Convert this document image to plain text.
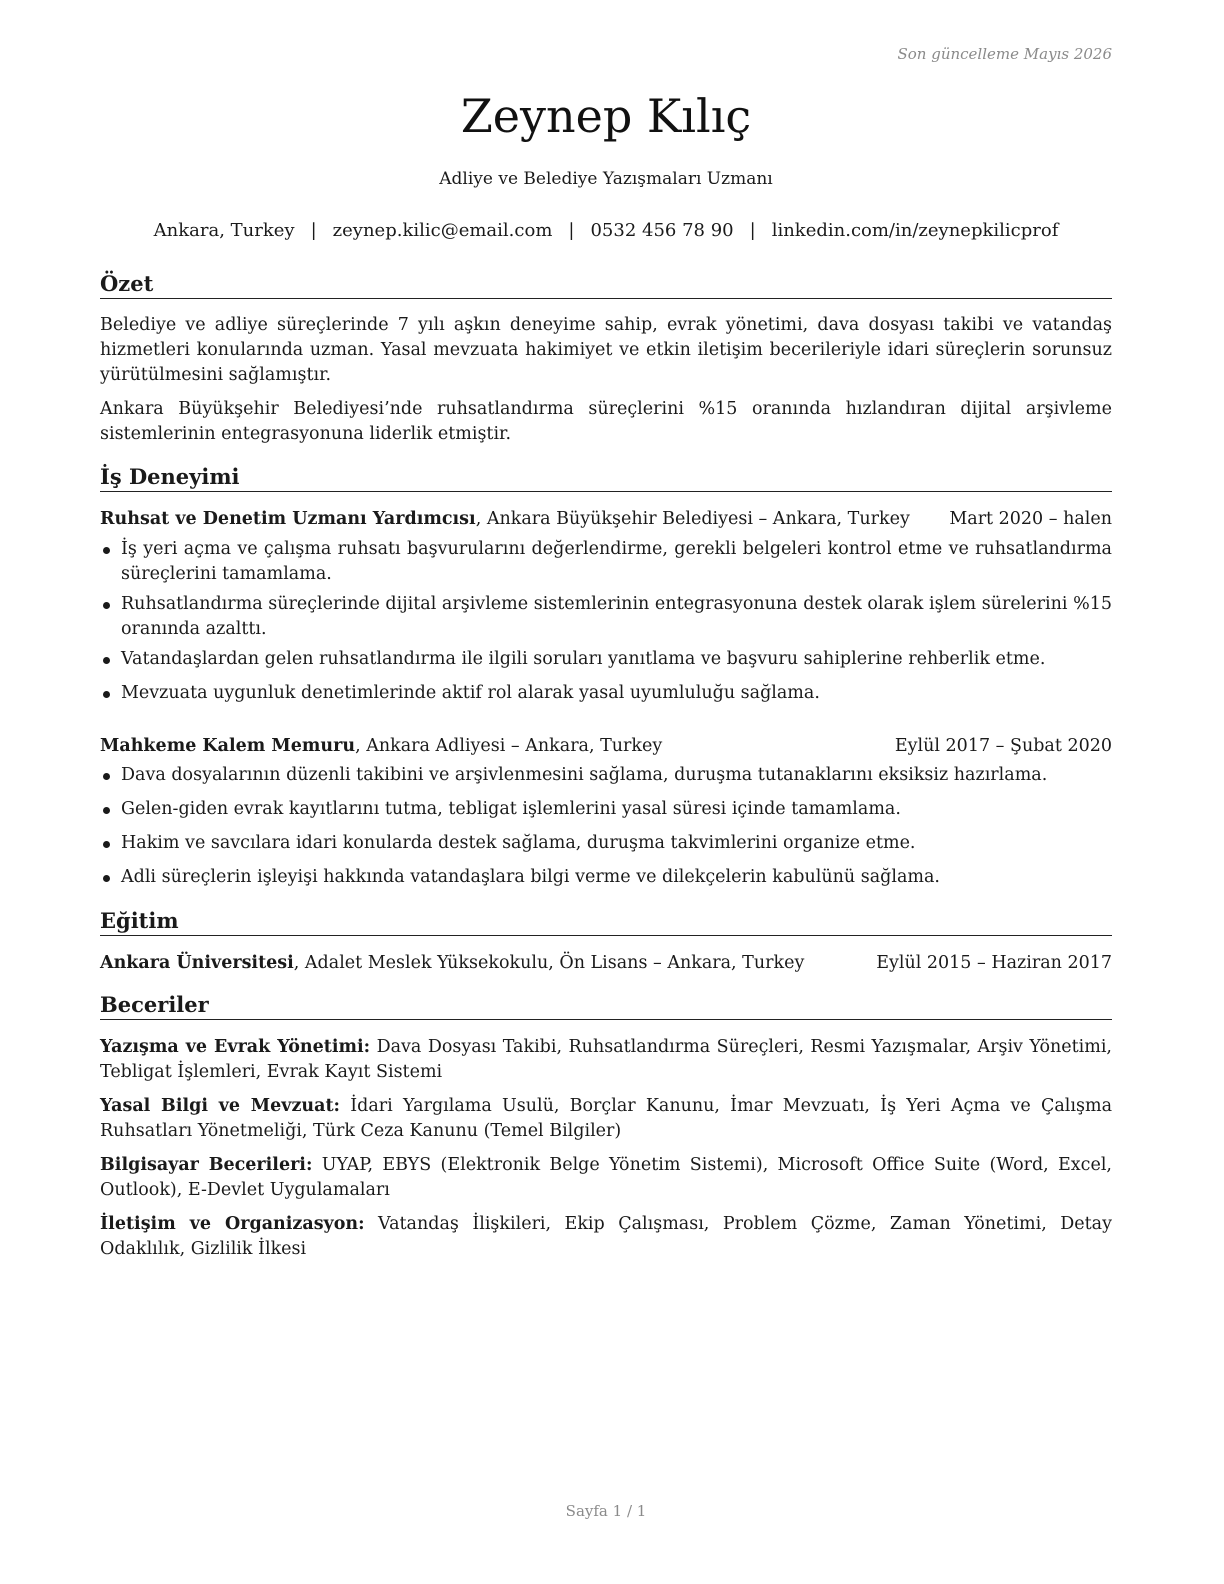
Son güncelleme Mayıs 2026
Zeynep Kılıç
Adliye ve Belediye Yazışmaları Uzmanı
Ankara, Turkey | zeynep.kilic@email.com | 0532 456 78 90 | linkedin.com/in/zeynepkilicprof
Özet

Belediye ve adliye süreçlerinde 7 yılı aşkın deneyime sahip, evrak yönetimi, dava dosyası takibi ve vatandaş hizmetleri konularında uzman. Yasal mevzuata hakimiyet ve etkin iletişim becerileriyle idari süreçlerin sorunsuz yürütülmesini sağlamıştır.

Ankara Büyükşehir Belediyesi’nde ruhsatlandırma süreçlerini %15 oranında hızlandıran dijital arşivleme sistemlerinin entegrasyonuna liderlik etmiştir.

İş Deneyimi
Ruhsat ve Denetim Uzmanı Yardımcısı, Ankara Büyükşehir Belediyesi – Ankara, Turkey Mart 2020 – halen
İş yeri açma ve çalışma ruhsatı başvurularını değerlendirme, gerekli belgeleri kontrol etme ve ruhsatlandırma süreçlerini tamamlama.
Ruhsatlandırma süreçlerinde dijital arşivleme sistemlerinin entegrasyonuna destek olarak işlem sürelerini %15 oranında azalttı.
Vatandaşlardan gelen ruhsatlandırma ile ilgili soruları yanıtlama ve başvuru sahiplerine rehberlik etme.
Mevzuata uygunluk denetimlerinde aktif rol alarak yasal uyumluluğu sağlama.
Mahkeme Kalem Memuru, Ankara Adliyesi – Ankara, Turkey	Eylül 2017 – Şubat 2020
Dava dosyalarının düzenli takibini ve arşivlenmesini sağlama, duruşma tutanaklarını eksiksiz hazırlama.
Gelen-giden evrak kayıtlarını tutma, tebligat işlemlerini yasal süresi içinde tamamlama.
Hakim ve savcılara idari konularda destek sağlama, duruşma takvimlerini organize etme.
Adli süreçlerin işleyişi hakkında vatandaşlara bilgi verme ve dilekçelerin kabulünü sağlama.
Eğitim
Ankara Üniversitesi, Adalet Meslek Yüksekokulu, Ön Lisans – Ankara, Turkey	Eylül 2015 – Haziran 2017
Beceriler

Yazışma ve Evrak Yönetimi: Dava Dosyası Takibi, Ruhsatlandırma Süreçleri, Resmi Yazışmalar, Arşiv Yönetimi, Tebligat İşlemleri, Evrak Kayıt Sistemi

Yasal Bilgi ve Mevzuat: İdari Yargılama Usulü, Borçlar Kanunu, İmar Mevzuatı, İş Yeri Açma ve Çalışma Ruhsatları Yönetmeliği, Türk Ceza Kanunu (Temel Bilgiler)

Bilgisayar Becerileri: UYAP, EBYS (Elektronik Belge Yönetim Sistemi), Microsoft Office Suite (Word, Excel, Outlook), E-Devlet Uygulamaları

İletişim ve Organizasyon: Vatandaş İlişkileri, Ekip Çalışması, Problem Çözme, Zaman Yönetimi, Detay Odaklılık, Gizlilik İlkesi

Sayfa 1 / 1
